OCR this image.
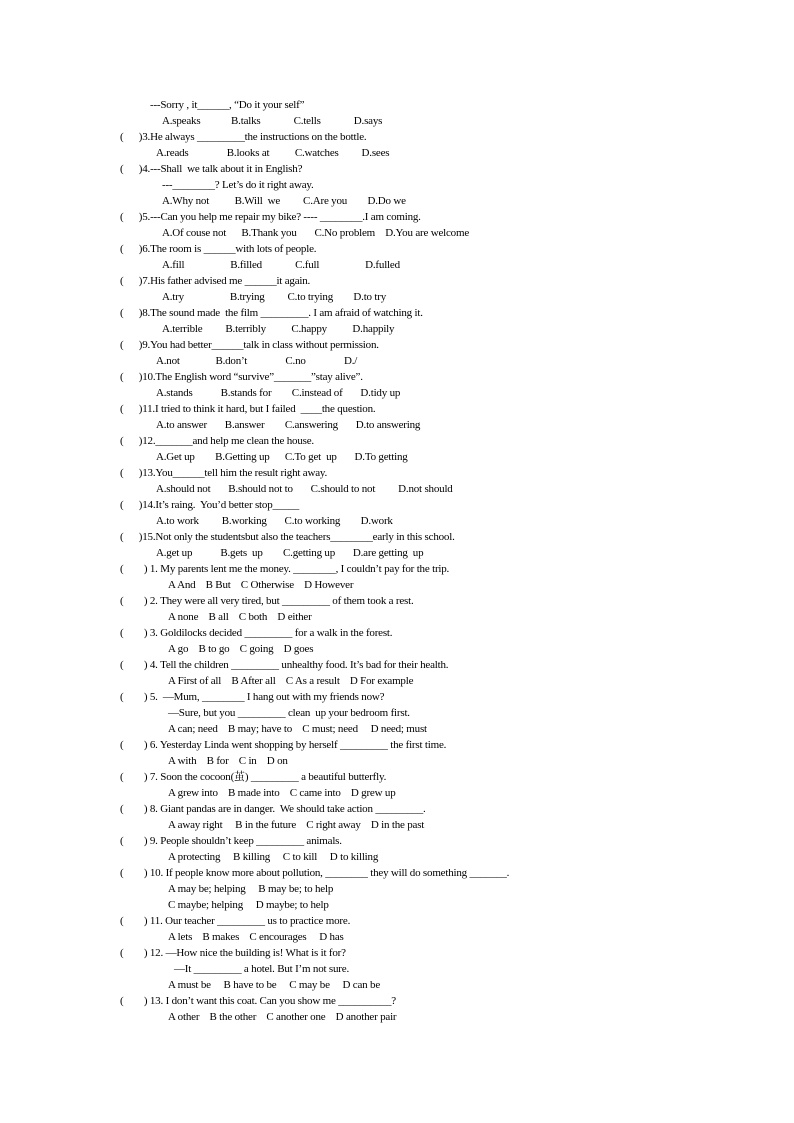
---Sorry , it______, “Do it your self”
A.speaks            B.talks             C.tells             D.says
(      )3.He always _________the instructions on the bottle.
A.reads               B.looks at          C.watches         D.sees
(      )4.---Shall  we talk about it in English?
---________? Let’s do it right away.
A.Why not          B.Will  we         C.Are you        D.Do we
(      )5.---Can you help me repair my bike? ---- ________.I am coming.
A.Of couse not      B.Thank you       C.No problem    D.You are welcome
(      )6.The room is ______with lots of people.
A.fill                  B.filled             C.full                  D.fulled
(      )7.His father advised me ______it again.
A.try                  B.trying         C.to trying        D.to try
(      )8.The sound made  the film _________. I am afraid of watching it.
A.terrible         B.terribly          C.happy          D.happily
(      )9.You had better______talk in class without permission.
A.not              B.don’t               C.no               D./
(      )10.The English word “survive”_______”stay alive”.
A.stands           B.stands for        C.instead of       D.tidy up
(      )11.I tried to think it hard, but I failed  ____the question.
A.to answer       B.answer        C.answering       D.to answering
(      )12._______and help me clean the house.
A.Get up        B.Getting up      C.To get  up       D.To getting
(      )13.You______tell him the result right away.
A.should not       B.should not to       C.should to not         D.not should
(      )14.It’s raing.  You’d better stop_____
A.to work         B.working       C.to working        D.work
(      )15.Not only the studentsbut also the teachers________early in this school.
A.get up           B.gets  up        C.getting up       D.are getting  up
(        ) 1. My parents lent me the money. ________, I couldn’t pay for the trip.
A And    B But    C Otherwise    D However
(        ) 2. They were all very tired, but _________ of them took a rest.
A none    B all    C both    D either
(        ) 3. Goldilocks decided _________ for a walk in the forest.
A go    B to go    C going    D goes
(        ) 4. Tell the children _________ unhealthy food. It’s bad for their health.
A First of all    B After all    C As a result    D For example
(        ) 5.  —Mum, ________ I hang out with my friends now?
—Sure, but you _________ clean  up your bedroom first.
A can; need    B may; have to    C must; need     D need; must
(        ) 6. Yesterday Linda went shopping by herself _________ the first time.
A with    B for    C in    D on
(        ) 7. Soon the cocoon(茧) _________ a beautiful butterfly.
A grew into    B made into    C came into    D grew up
(        ) 8. Giant pandas are in danger.  We should take action _________.
A away right     B in the future    C right away    D in the past
(        ) 9. People shouldn’t keep _________ animals.
A protecting     B killing     C to kill     D to killing
(        ) 10. If people know more about pollution, ________ they will do something _______.
A may be; helping     B may be; to help
C maybe; helping     D maybe; to help
(        ) 11. Our teacher _________ us to practice more.
A lets    B makes    C encourages     D has
(        ) 12. —How nice the building is! What is it for?
—It _________ a hotel. But I’m not sure.
A must be     B have to be     C may be     D can be
(        ) 13. I don’t want this coat. Can you show me __________?
A other    B the other    C another one    D another pair
